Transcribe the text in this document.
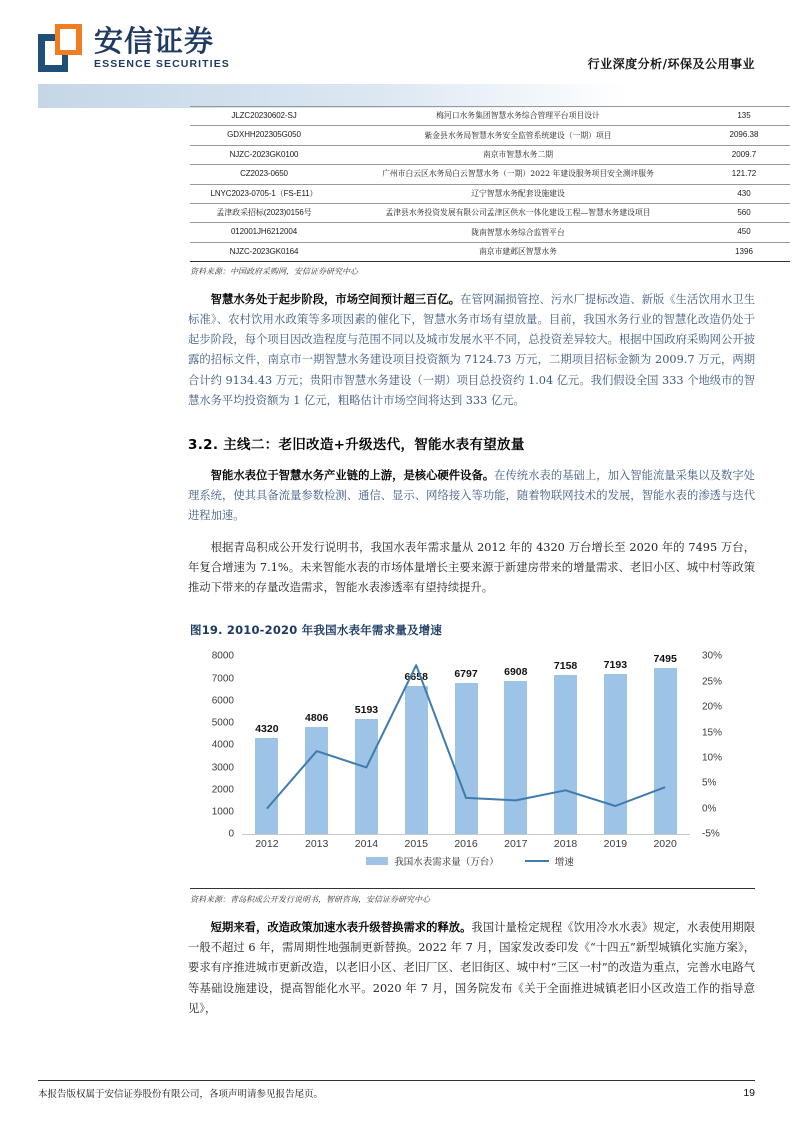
安信证券
ESSENCE SECURITIES	行业深度分析/环保及公用事业
JLZC20230602-SJ	梅河口水务集团智慧水务综合管理平台项目设计	135
GDXHH202305G050	紫金县水务局智慧水务安全监管系统建设（一期）项目	2096.38
NJZC-2023GK0100	南京市智慧水务二期	2009.7
CZ2023-0650	广州市白云区水务局白云智慧水务（一期）2022 年建设服务项目安全测评服务	121.72
LNYC2023-0705-1（FS-E11）	辽宁智慧水务配套设施建设	430
孟津政采招标(2023)0156号	孟津县水务投资发展有限公司孟津区供水一体化建设工程—智慧水务建设项目	560
012001JH6212004	陇南智慧水务综合监管平台	450
NJZC-2023GK0164	南京市建邺区智慧水务	1396
资料来源：中国政府采购网，安信证券研究中心

智慧水务处于起步阶段，市场空间预计超三百亿。在管网漏损管控、污水厂提标改造、新版《生活饮用水卫生标准》、农村饮用水政策等多项因素的催化下，智慧水务市场有望放量。目前，我国水务行业的智慧化改造仍处于起步阶段，每个项目因改造程度与范围不同以及城市发展水平不同，总投资差异较大。根据中国政府采购网公开披露的招标文件，南京市一期智慧水务建设项目投资额为 7124.73 万元，二期项目招标金额为 2009.7 万元，两期合计约 9134.43 万元；贵阳市智慧水务建设（一期）项目总投资约 1.04 亿元。我们假设全国 333 个地级市的智慧水务平均投资额为 1 亿元，粗略估计市场空间将达到 333 亿元。

3.2. 主线二：老旧改造+升级迭代，智能水表有望放量

智能水表位于智慧水务产业链的上游，是核心硬件设备。在传统水表的基础上，加入智能流量采集以及数字处理系统，使其具备流量参数检测、通信、显示、网络接入等功能，随着物联网技术的发展，智能水表的渗透与迭代进程加速。

根据青岛积成公开发行说明书，我国水表年需求量从 2012 年的 4320 万台增长至 2020 年的 7495 万台，年复合增速为 7.1%。未来智能水表的市场体量增长主要来源于新建房带来的增量需求、老旧小区、城中村等政策推动下带来的存量改造需求，智能水表渗透率有望持续提升。

图19. 2010-2020 年我国水表年需求量及增速
0
1000
2000
3000
4000
5000
6000
7000
8000
-5%
0%
5%
10%
15%
20%
25%
30%
4320
4806
5193
6658	6797	6908	7158	7193
7495
2012	2013	2014	2015	2016	2017	2018	2019	2020
我国水表需求量（万台）	增速
资料来源：青岛积成公开发行说明书，智研咨询，安信证券研究中心

短期来看，改造政策加速水表升级替换需求的释放。我国计量检定规程《饮用冷水水表》规定，水表使用期限一般不超过 6 年，需周期性地强制更新替换。2022 年 7 月，国家发改委印发《“十四五”新型城镇化实施方案》，要求有序推进城市更新改造，以老旧小区、老旧厂区、老旧街区、城中村“三区一村”的改造为重点，完善水电路气等基础设施建设，提高智能化水平。2020 年 7 月，国务院发布《关于全面推进城镇老旧小区改造工作的指导意见》，

本报告版权属于安信证券股份有限公司，各项声明请参见报告尾页。	19
